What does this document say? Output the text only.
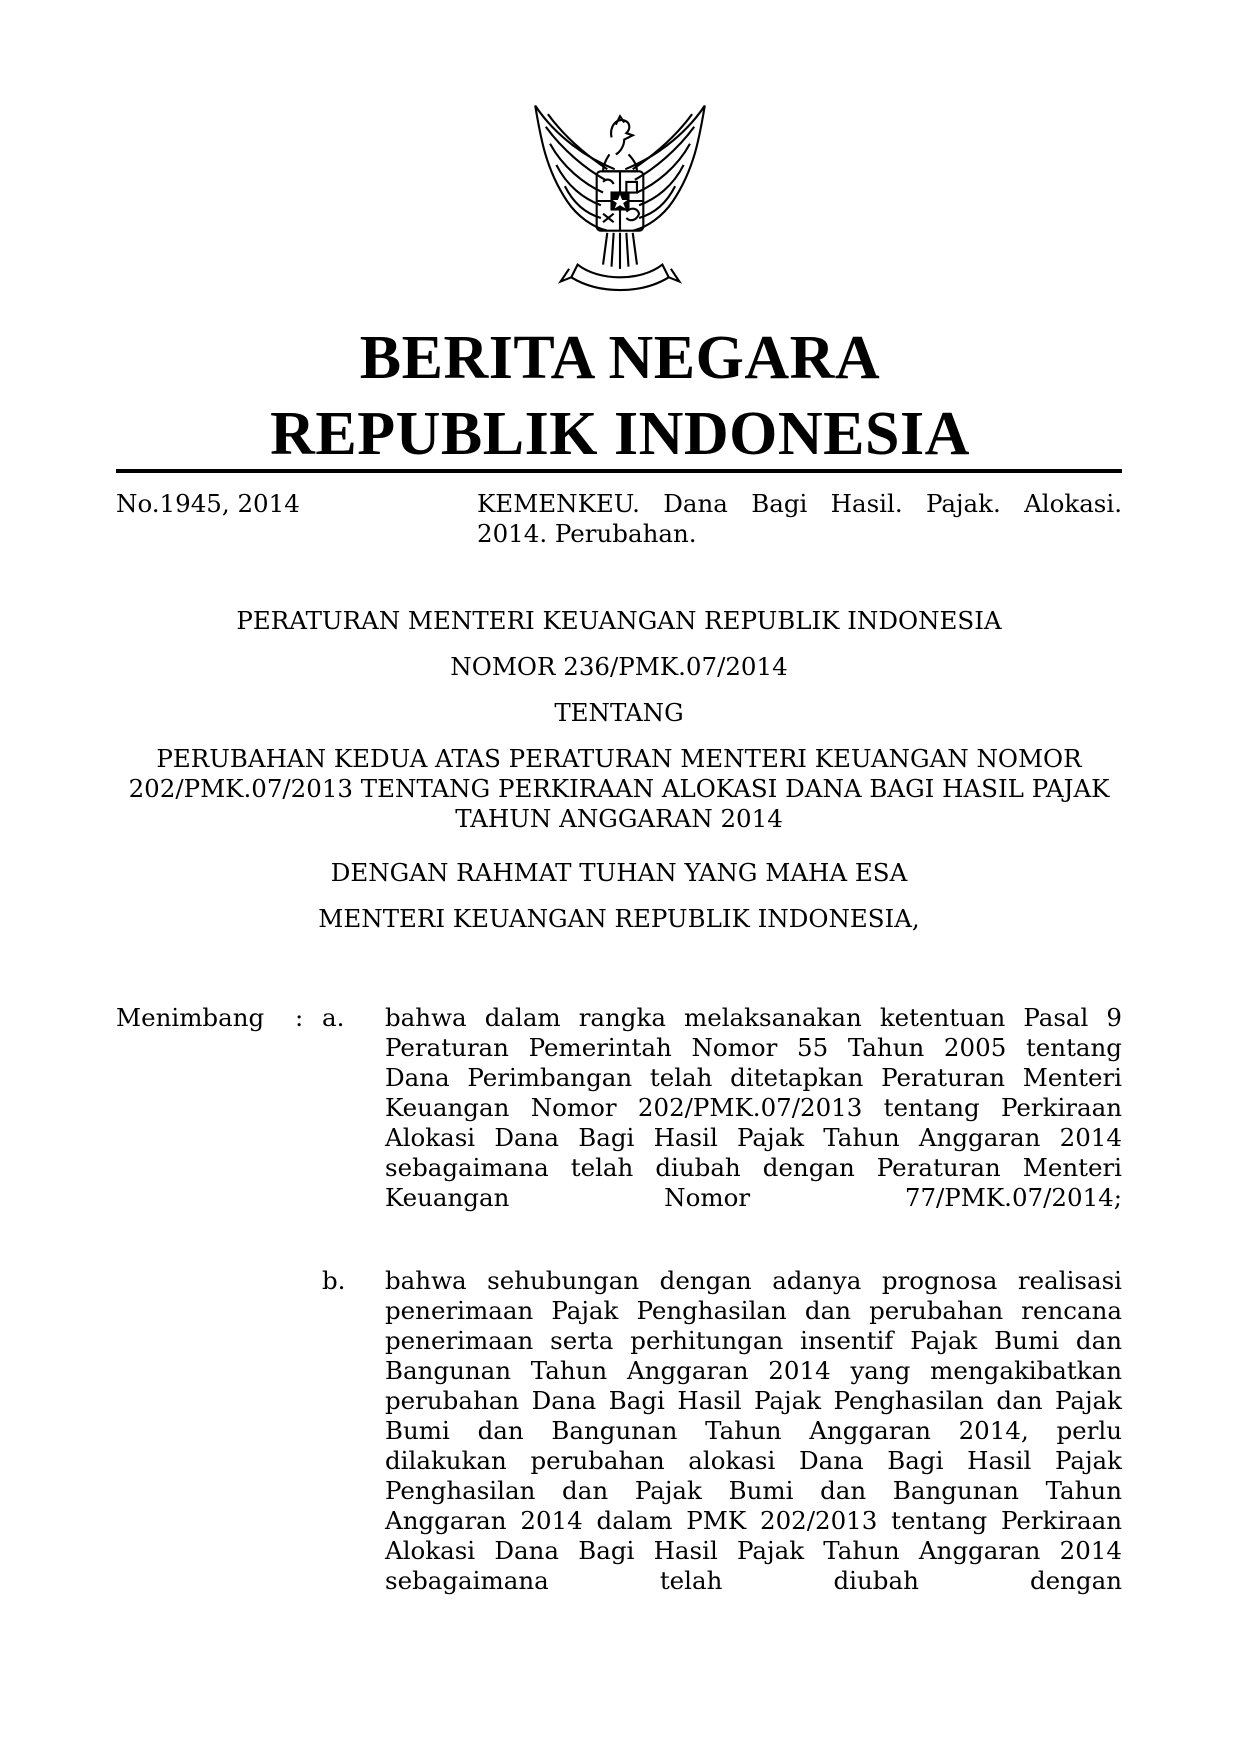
BERITA NEGARA
REPUBLIK INDONESIA
No.1945, 2014	KEMENKEU. Dana Bagi Hasil. Pajak. Alokasi. 2014. Perubahan.
PERATURAN MENTERI KEUANGAN REPUBLIK INDONESIA
NOMOR 236/PMK.07/2014
TENTANG
PERUBAHAN KEDUA ATAS PERATURAN MENTERI KEUANGAN NOMOR 202/PMK.07/2013 TENTANG PERKIRAAN ALOKASI DANA BAGI HASIL PAJAK TAHUN ANGGARAN 2014
DENGAN RAHMAT TUHAN YANG MAHA ESA
MENTERI KEUANGAN REPUBLIK INDONESIA,
Menimbang : a. bahwa dalam rangka melaksanakan ketentuan Pasal 9 Peraturan Pemerintah Nomor 55 Tahun 2005 tentang Dana Perimbangan telah ditetapkan Peraturan Menteri Keuangan Nomor 202/PMK.07/2013 tentang Perkiraan Alokasi Dana Bagi Hasil Pajak Tahun Anggaran 2014 sebagaimana telah diubah dengan Peraturan Menteri Keuangan Nomor 77/PMK.07/2014;
b. bahwa sehubungan dengan adanya prognosa realisasi penerimaan Pajak Penghasilan dan perubahan rencana penerimaan serta perhitungan insentif Pajak Bumi dan Bangunan Tahun Anggaran 2014 yang mengakibatkan perubahan Dana Bagi Hasil Pajak Penghasilan dan Pajak Bumi dan Bangunan Tahun Anggaran 2014, perlu dilakukan perubahan alokasi Dana Bagi Hasil Pajak Penghasilan dan Pajak Bumi dan Bangunan Tahun Anggaran 2014 dalam PMK 202/2013 tentang Perkiraan Alokasi Dana Bagi Hasil Pajak Tahun Anggaran 2014 sebagaimana telah diubah dengan
